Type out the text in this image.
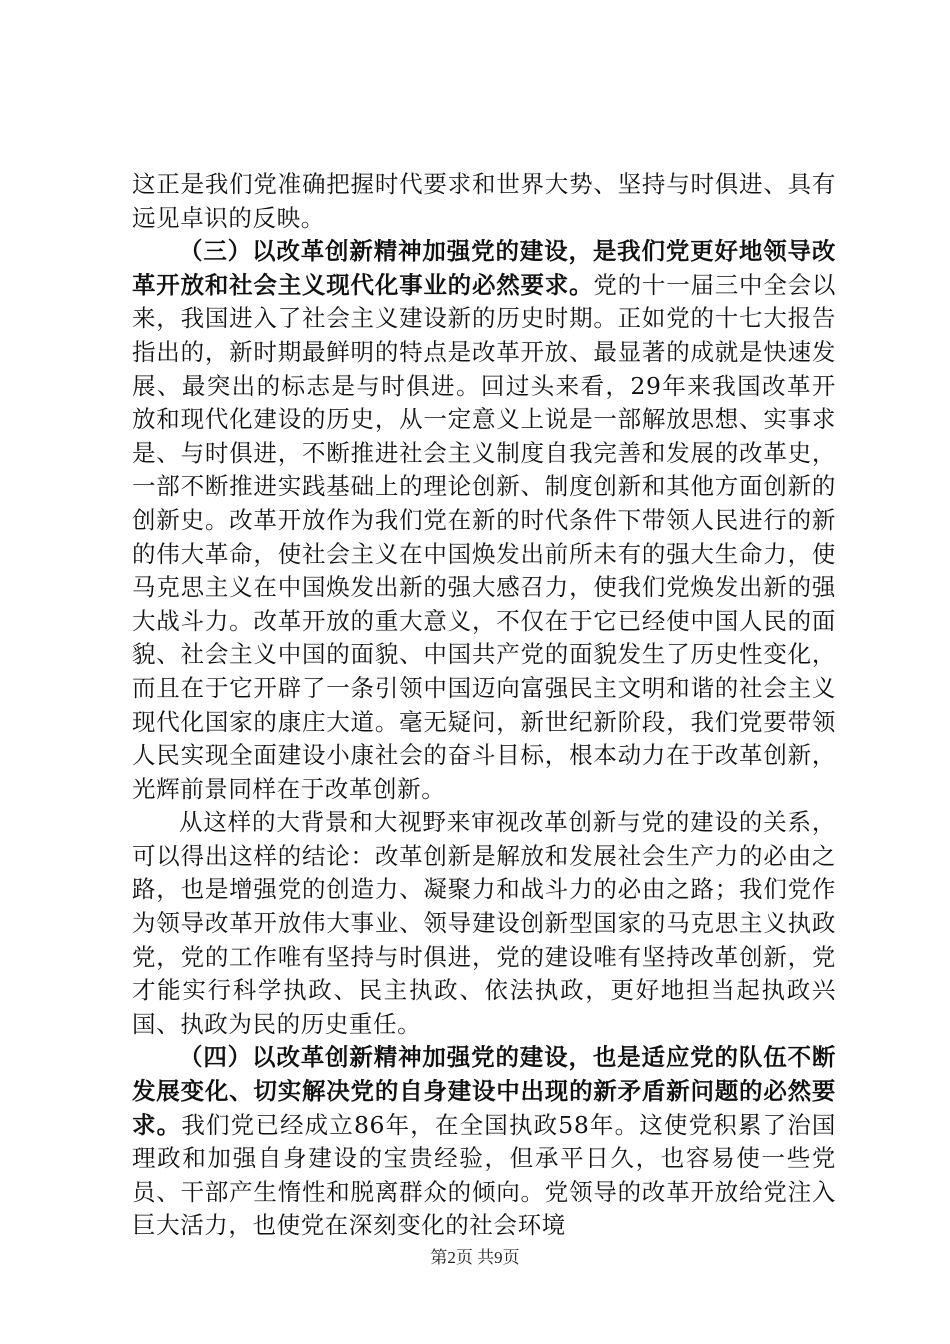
这正是我们党准确把握时代要求和世界大势、坚持与时俱进、具有远见卓识的反映。

（三）以改革创新精神加强党的建设，是我们党更好地领导改革开放和社会主义现代化事业的必然要求。党的十一届三中全会以来，我国进入了社会主义建设新的历史时期。正如党的十七大报告指出的，新时期最鲜明的特点是改革开放、最显著的成就是快速发展、最突出的标志是与时俱进。回过头来看，29年来我国改革开放和现代化建设的历史，从一定意义上说是一部解放思想、实事求是、与时俱进，不断推进社会主义制度自我完善和发展的改革史，一部不断推进实践基础上的理论创新、制度创新和其他方面创新的创新史。改革开放作为我们党在新的时代条件下带领人民进行的新的伟大革命，使社会主义在中国焕发出前所未有的强大生命力，使马克思主义在中国焕发出新的强大感召力，使我们党焕发出新的强大战斗力。改革开放的重大意义，不仅在于它已经使中国人民的面貌、社会主义中国的面貌、中国共产党的面貌发生了历史性变化，而且在于它开辟了一条引领中国迈向富强民主文明和谐的社会主义现代化国家的康庄大道。毫无疑问，新世纪新阶段，我们党要带领人民实现全面建设小康社会的奋斗目标，根本动力在于改革创新，光辉前景同样在于改革创新。

从这样的大背景和大视野来审视改革创新与党的建设的关系，可以得出这样的结论：改革创新是解放和发展社会生产力的必由之路，也是增强党的创造力、凝聚力和战斗力的必由之路；我们党作为领导改革开放伟大事业、领导建设创新型国家的马克思主义执政党，党的工作唯有坚持与时俱进，党的建设唯有坚持改革创新，党才能实行科学执政、民主执政、依法执政，更好地担当起执政兴国、执政为民的历史重任。

（四）以改革创新精神加强党的建设，也是适应党的队伍不断发展变化、切实解决党的自身建设中出现的新矛盾新问题的必然要求。我们党已经成立86年，在全国执政58年。这使党积累了治国理政和加强自身建设的宝贵经验，但承平日久，也容易使一些党员、干部产生惰性和脱离群众的倾向。党领导的改革开放给党注入巨大活力，也使党在深刻变化的社会环境

第2页 共9页
